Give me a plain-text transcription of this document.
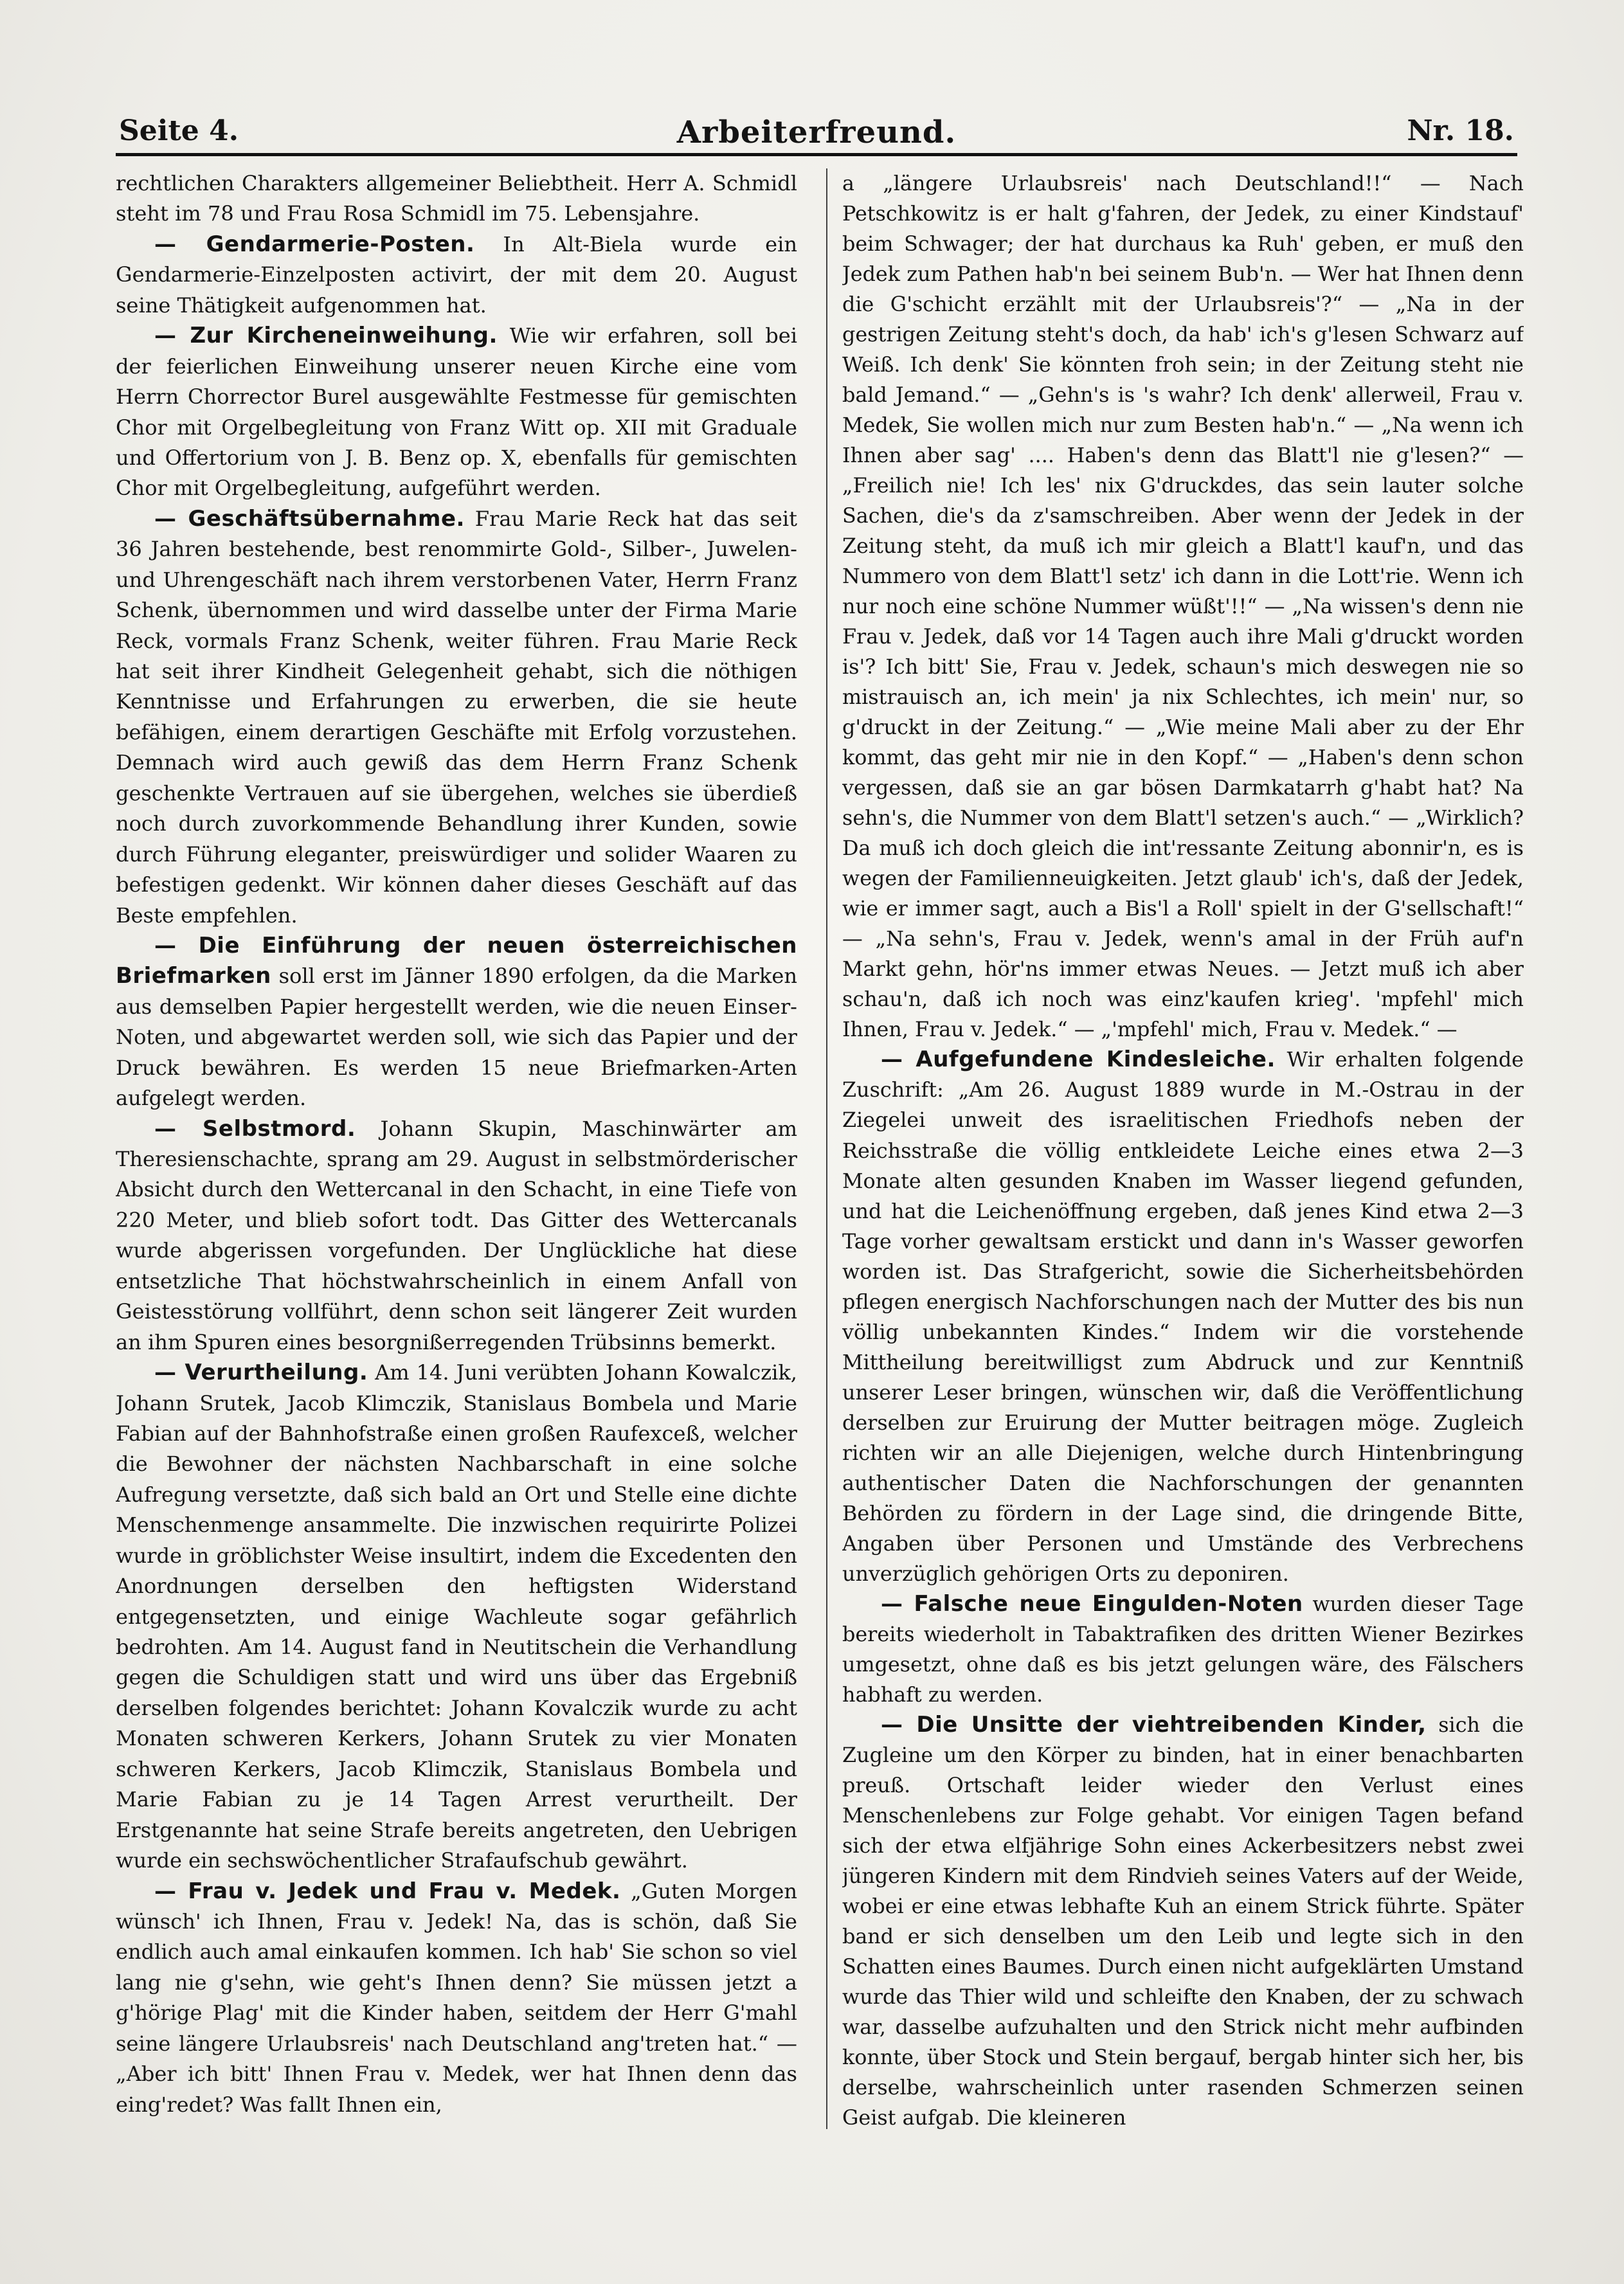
Seite 4.	Arbeiterfreund.	Nr. 18.

rechtlichen Charakters allgemeiner Beliebtheit. Herr A. Schmidl steht im 78 und Frau Rosa Schmidl im 75. Lebensjahre.

— Gendarmerie-Posten. In Alt-Biela wurde ein Gendarmerie-Einzelposten activirt, der mit dem 20. August seine Thätigkeit aufgenommen hat.

— Zur Kircheneinweihung. Wie wir erfahren, soll bei der feierlichen Einweihung unserer neuen Kirche eine vom Herrn Chorrector Burel ausgewählte Festmesse für gemischten Chor mit Orgelbegleitung von Franz Witt op. XII mit Graduale und Offertorium von J. B. Benz op. X, ebenfalls für gemischten Chor mit Orgelbegleitung, aufgeführt werden.

— Geschäftsübernahme. Frau Marie Reck hat das seit 36 Jahren bestehende, best renommirte Gold-, Silber-, Juwelen- und Uhrengeschäft nach ihrem verstorbenen Vater, Herrn Franz Schenk, übernommen und wird dasselbe unter der Firma Marie Reck, vormals Franz Schenk, weiter führen. Frau Marie Reck hat seit ihrer Kindheit Gelegenheit gehabt, sich die nöthigen Kenntnisse und Erfahrungen zu erwerben, die sie heute befähigen, einem derartigen Geschäfte mit Erfolg vorzustehen. Demnach wird auch gewiß das dem Herrn Franz Schenk geschenkte Vertrauen auf sie übergehen, welches sie überdieß noch durch zuvorkommende Behandlung ihrer Kunden, sowie durch Führung eleganter, preiswürdiger und solider Waaren zu befestigen gedenkt. Wir können daher dieses Geschäft auf das Beste empfehlen.

— Die Einführung der neuen österreichischen Briefmarken soll erst im Jänner 1890 erfolgen, da die Marken aus demselben Papier hergestellt werden, wie die neuen Einser-Noten, und abgewartet werden soll, wie sich das Papier und der Druck bewähren. Es werden 15 neue Briefmarken-Arten aufgelegt werden.

— Selbstmord. Johann Skupin, Maschinwärter am Theresienschachte, sprang am 29. August in selbstmörderischer Absicht durch den Wettercanal in den Schacht, in eine Tiefe von 220 Meter, und blieb sofort todt. Das Gitter des Wettercanals wurde abgerissen vorgefunden. Der Unglückliche hat diese entsetzliche That höchstwahrscheinlich in einem Anfall von Geistesstörung vollführt, denn schon seit längerer Zeit wurden an ihm Spuren eines besorgnißerregenden Trübsinns bemerkt.

— Verurtheilung. Am 14. Juni verübten Johann Kowalczik, Johann Srutek, Jacob Klimczik, Stanislaus Bombela und Marie Fabian auf der Bahnhofstraße einen großen Raufexceß, welcher die Bewohner der nächsten Nachbarschaft in eine solche Aufregung versetzte, daß sich bald an Ort und Stelle eine dichte Menschenmenge ansammelte. Die inzwischen requirirte Polizei wurde in gröblichster Weise insultirt, indem die Excedenten den Anordnungen derselben den heftigsten Widerstand entgegensetzten, und einige Wachleute sogar gefährlich bedrohten. Am 14. August fand in Neutitschein die Verhandlung gegen die Schuldigen statt und wird uns über das Ergebniß derselben folgendes berichtet: Johann Kovalczik wurde zu acht Monaten schweren Kerkers, Johann Srutek zu vier Monaten schweren Kerkers, Jacob Klimczik, Stanislaus Bombela und Marie Fabian zu je 14 Tagen Arrest verurtheilt. Der Erstgenannte hat seine Strafe bereits angetreten, den Uebrigen wurde ein sechswöchentlicher Strafaufschub gewährt.

— Frau v. Jedek und Frau v. Medek. „Guten Morgen wünsch' ich Ihnen, Frau v. Jedek! Na, das is schön, daß Sie endlich auch amal einkaufen kommen. Ich hab' Sie schon so viel lang nie g'sehn, wie geht's Ihnen denn? Sie müssen jetzt a g'hörige Plag' mit die Kinder haben, seitdem der Herr G'mahl seine längere Urlaubsreis' nach Deutschland ang'treten hat.“ — „Aber ich bitt' Ihnen Frau v. Medek, wer hat Ihnen denn das eing'redet? Was fallt Ihnen ein,

a „längere Urlaubsreis' nach Deutschland!!“ — Nach Petschkowitz is er halt g'fahren, der Jedek, zu einer Kindstauf' beim Schwager; der hat durchaus ka Ruh' geben, er muß den Jedek zum Pathen hab'n bei seinem Bub'n. — Wer hat Ihnen denn die G'schicht erzählt mit der Urlaubsreis'?“ — „Na in der gestrigen Zeitung steht's doch, da hab' ich's g'lesen Schwarz auf Weiß. Ich denk' Sie könnten froh sein; in der Zeitung steht nie bald Jemand.“ — „Gehn's is 's wahr? Ich denk' allerweil, Frau v. Medek, Sie wollen mich nur zum Besten hab'n.“ — „Na wenn ich Ihnen aber sag' .... Haben's denn das Blatt'l nie g'lesen?“ — „Freilich nie! Ich les' nix G'druckdes, das sein lauter solche Sachen, die's da z'samschreiben. Aber wenn der Jedek in der Zeitung steht, da muß ich mir gleich a Blatt'l kauf'n, und das Nummero von dem Blatt'l setz' ich dann in die Lott'rie. Wenn ich nur noch eine schöne Nummer wüßt'!!“ — „Na wissen's denn nie Frau v. Jedek, daß vor 14 Tagen auch ihre Mali g'druckt worden is'? Ich bitt' Sie, Frau v. Jedek, schaun's mich deswegen nie so mistrauisch an, ich mein' ja nix Schlechtes, ich mein' nur, so g'druckt in der Zeitung.“ — „Wie meine Mali aber zu der Ehr kommt, das geht mir nie in den Kopf.“ — „Haben's denn schon vergessen, daß sie an gar bösen Darmkatarrh g'habt hat? Na sehn's, die Nummer von dem Blatt'l setzen's auch.“ — „Wirklich? Da muß ich doch gleich die int'ressante Zeitung abonnir'n, es is wegen der Familienneuigkeiten. Jetzt glaub' ich's, daß der Jedek, wie er immer sagt, auch a Bis'l a Roll' spielt in der G'sellschaft!“ — „Na sehn's, Frau v. Jedek, wenn's amal in der Früh auf'n Markt gehn, hör'ns immer etwas Neues. — Jetzt muß ich aber schau'n, daß ich noch was einz'kaufen krieg'. 'mpfehl' mich Ihnen, Frau v. Jedek.“ — „'mpfehl' mich, Frau v. Medek.“ —

— Aufgefundene Kindesleiche. Wir erhalten folgende Zuschrift: „Am 26. August 1889 wurde in M.-Ostrau in der Ziegelei unweit des israelitischen Friedhofs neben der Reichsstraße die völlig entkleidete Leiche eines etwa 2—3 Monate alten gesunden Knaben im Wasser liegend gefunden, und hat die Leichenöffnung ergeben, daß jenes Kind etwa 2—3 Tage vorher gewaltsam erstickt und dann in's Wasser geworfen worden ist. Das Strafgericht, sowie die Sicherheitsbehörden pflegen energisch Nachforschungen nach der Mutter des bis nun völlig unbekannten Kindes.“ Indem wir die vorstehende Mittheilung bereitwilligst zum Abdruck und zur Kenntniß unserer Leser bringen, wünschen wir, daß die Veröffentlichung derselben zur Eruirung der Mutter beitragen möge. Zugleich richten wir an alle Diejenigen, welche durch Hintenbringung authentischer Daten die Nachforschungen der genannten Behörden zu fördern in der Lage sind, die dringende Bitte, Angaben über Personen und Umstände des Verbrechens unverzüglich gehörigen Orts zu deponiren.

— Falsche neue Eingulden-Noten wurden dieser Tage bereits wiederholt in Tabaktrafiken des dritten Wiener Bezirkes umgesetzt, ohne daß es bis jetzt gelungen wäre, des Fälschers habhaft zu werden.

— Die Unsitte der viehtreibenden Kinder, sich die Zugleine um den Körper zu binden, hat in einer benachbarten preuß. Ortschaft leider wieder den Verlust eines Menschenlebens zur Folge gehabt. Vor einigen Tagen befand sich der etwa elfjährige Sohn eines Ackerbesitzers nebst zwei jüngeren Kindern mit dem Rindvieh seines Vaters auf der Weide, wobei er eine etwas lebhafte Kuh an einem Strick führte. Später band er sich denselben um den Leib und legte sich in den Schatten eines Baumes. Durch einen nicht aufgeklärten Umstand wurde das Thier wild und schleifte den Knaben, der zu schwach war, dasselbe aufzuhalten und den Strick nicht mehr aufbinden konnte, über Stock und Stein bergauf, bergab hinter sich her, bis derselbe, wahrscheinlich unter rasenden Schmerzen seinen Geist aufgab. Die kleineren
